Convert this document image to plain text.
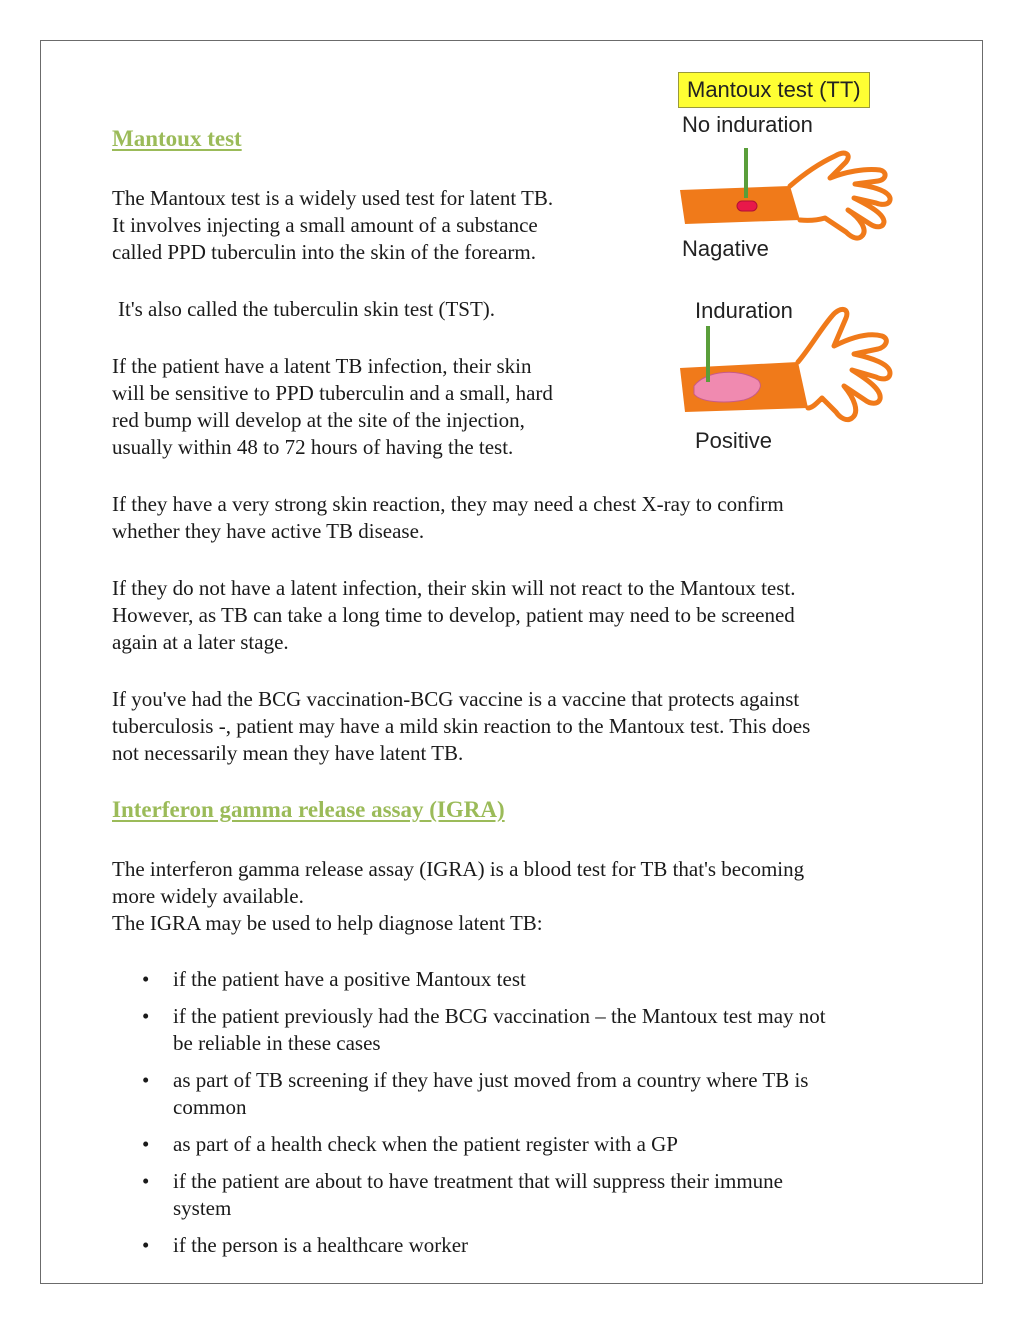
Mantoux test

The Mantoux test is a widely used test for latent TB.
It involves injecting a small amount of a substance
called PPD tuberculin into the skin of the forearm.

It's also called the tuberculin skin test (TST).

If the patient have a latent TB infection, their skin
will be sensitive to PPD tuberculin and a small, hard
red bump will develop at the site of the injection,
usually within 48 to 72 hours of having the test.

If they have a very strong skin reaction, they may need a chest X-ray to confirm
whether they have active TB disease.

If they do not have a latent infection, their skin will not react to the Mantoux test.
However, as TB can take a long time to develop, patient may need to be screened
again at a later stage.

If you've had the BCG vaccination-BCG vaccine is a vaccine that protects against
tuberculosis -, patient may have a mild skin reaction to the Mantoux test. This does
not necessarily mean they have latent TB.

Mantoux test (TT)
No induration
Nagative
Induration
Positive
Interferon gamma release assay (IGRA)

The interferon gamma release assay (IGRA) is a blood test for TB that's becoming
more widely available.
The IGRA may be used to help diagnose latent TB:

• if the patient have a positive Mantoux test
• if the patient previously had the BCG vaccination – the Mantoux test may not
be reliable in these cases
• as part of TB screening if they have just moved from a country where TB is
common
• as part of a health check when the patient register with a GP
• if the patient are about to have treatment that will suppress their immune
system
• if the person is a healthcare worker
